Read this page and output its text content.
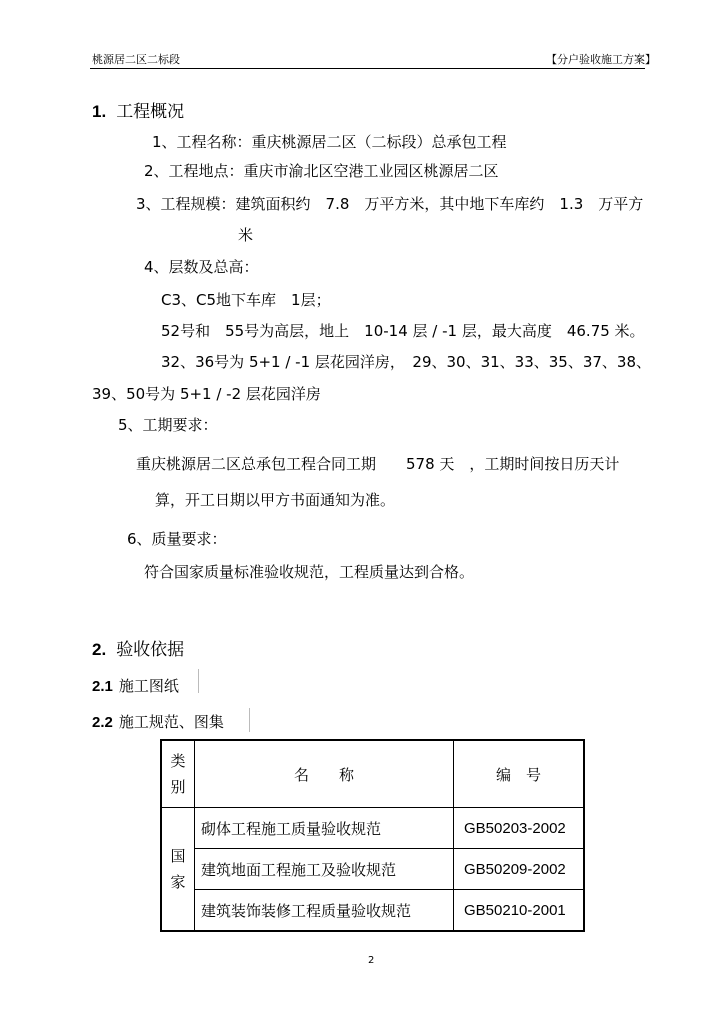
桃源居二区二标段	【分户验收施工方案】
1. 工程概况
1、工程名称：重庆桃源居二区（二标段）总承包工程
2、工程地点：重庆市渝北区空港工业园区桃源居二区
3、工程规模：建筑面积约　7.8　万平方米，其中地下车库约　1.3　万平方
米
4、层数及总高：
C3、C5地下车库　1层；
52号和　55号为高层，地上　10-14 层 / -1 层，最大高度　46.75 米。
32、36号为 5+1 / -1 层花园洋房，　29、30、31、33、35、37、38、
39、50号为 5+1 / -2 层花园洋房
5、工期要求：
重庆桃源居二区总承包工程合同工期　　578 天　，工期时间按日历天计
算，开工日期以甲方书面通知为准。
6、质量要求：
符合国家质量标准验收规范，工程质量达到合格。
2. 验收依据
2.1 施工图纸
2.2 施工规范、图集
类
别	名　　称	编　号

国
家	砌体工程施工质量验收规范	GB50203-2002
	建筑地面工程施工及验收规范	GB50209-2002
	建筑装饰装修工程质量验收规范	GB50210-2001
2
